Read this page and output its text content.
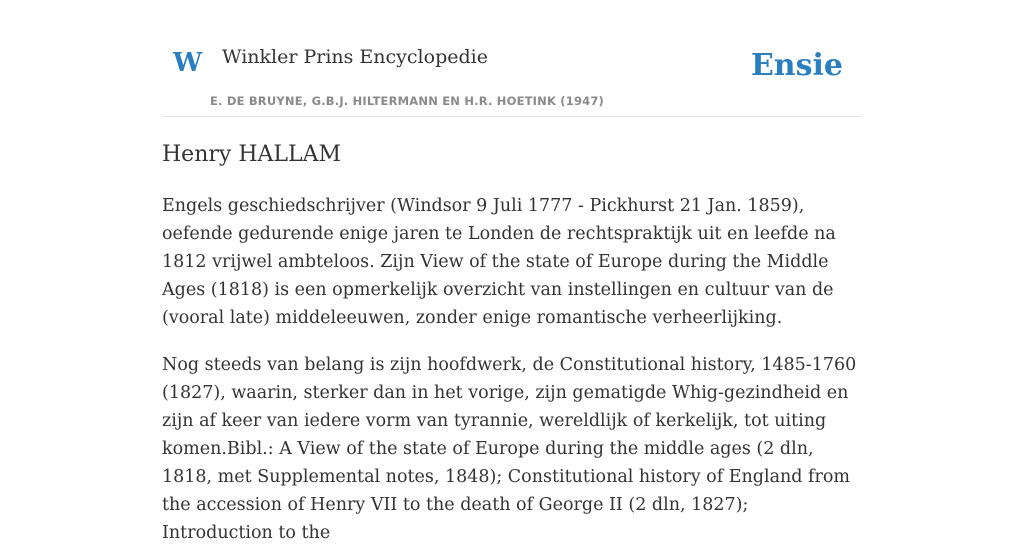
W Winkler Prins Encyclopedie
E. DE BRUYNE, G.B.J. HILTERMANN EN H.R. HOETINK (1947)
Ensie
Henry HALLAM

Engels geschiedschrijver (Windsor 9 Juli 1777 - Pickhurst 21 Jan. 1859), oefende gedurende enige jaren te Londen de rechtspraktijk uit en leefde na 1812 vrijwel ambteloos. Zijn View of the state of Europe during the Middle Ages (1818) is een opmerkelijk overzicht van instellingen en cultuur van de (vooral late) middeleeuwen, zonder enige romantische verheerlijking.

Nog steeds van belang is zijn hoofdwerk, de Constitutional history, 1485-1760 (1827), waarin, sterker dan in het vorige, zijn gematigde Whig-gezindheid en zijn af keer van iedere vorm van tyrannie, wereldlijk of kerkelijk, tot uiting komen.Bibl.: A View of the state of Europe during the middle ages (2 dln, 1818, met Supplemental notes, 1848); Constitutional history of England from the accession of Henry VII to the death of George II (2 dln, 1827); Introduction to the
